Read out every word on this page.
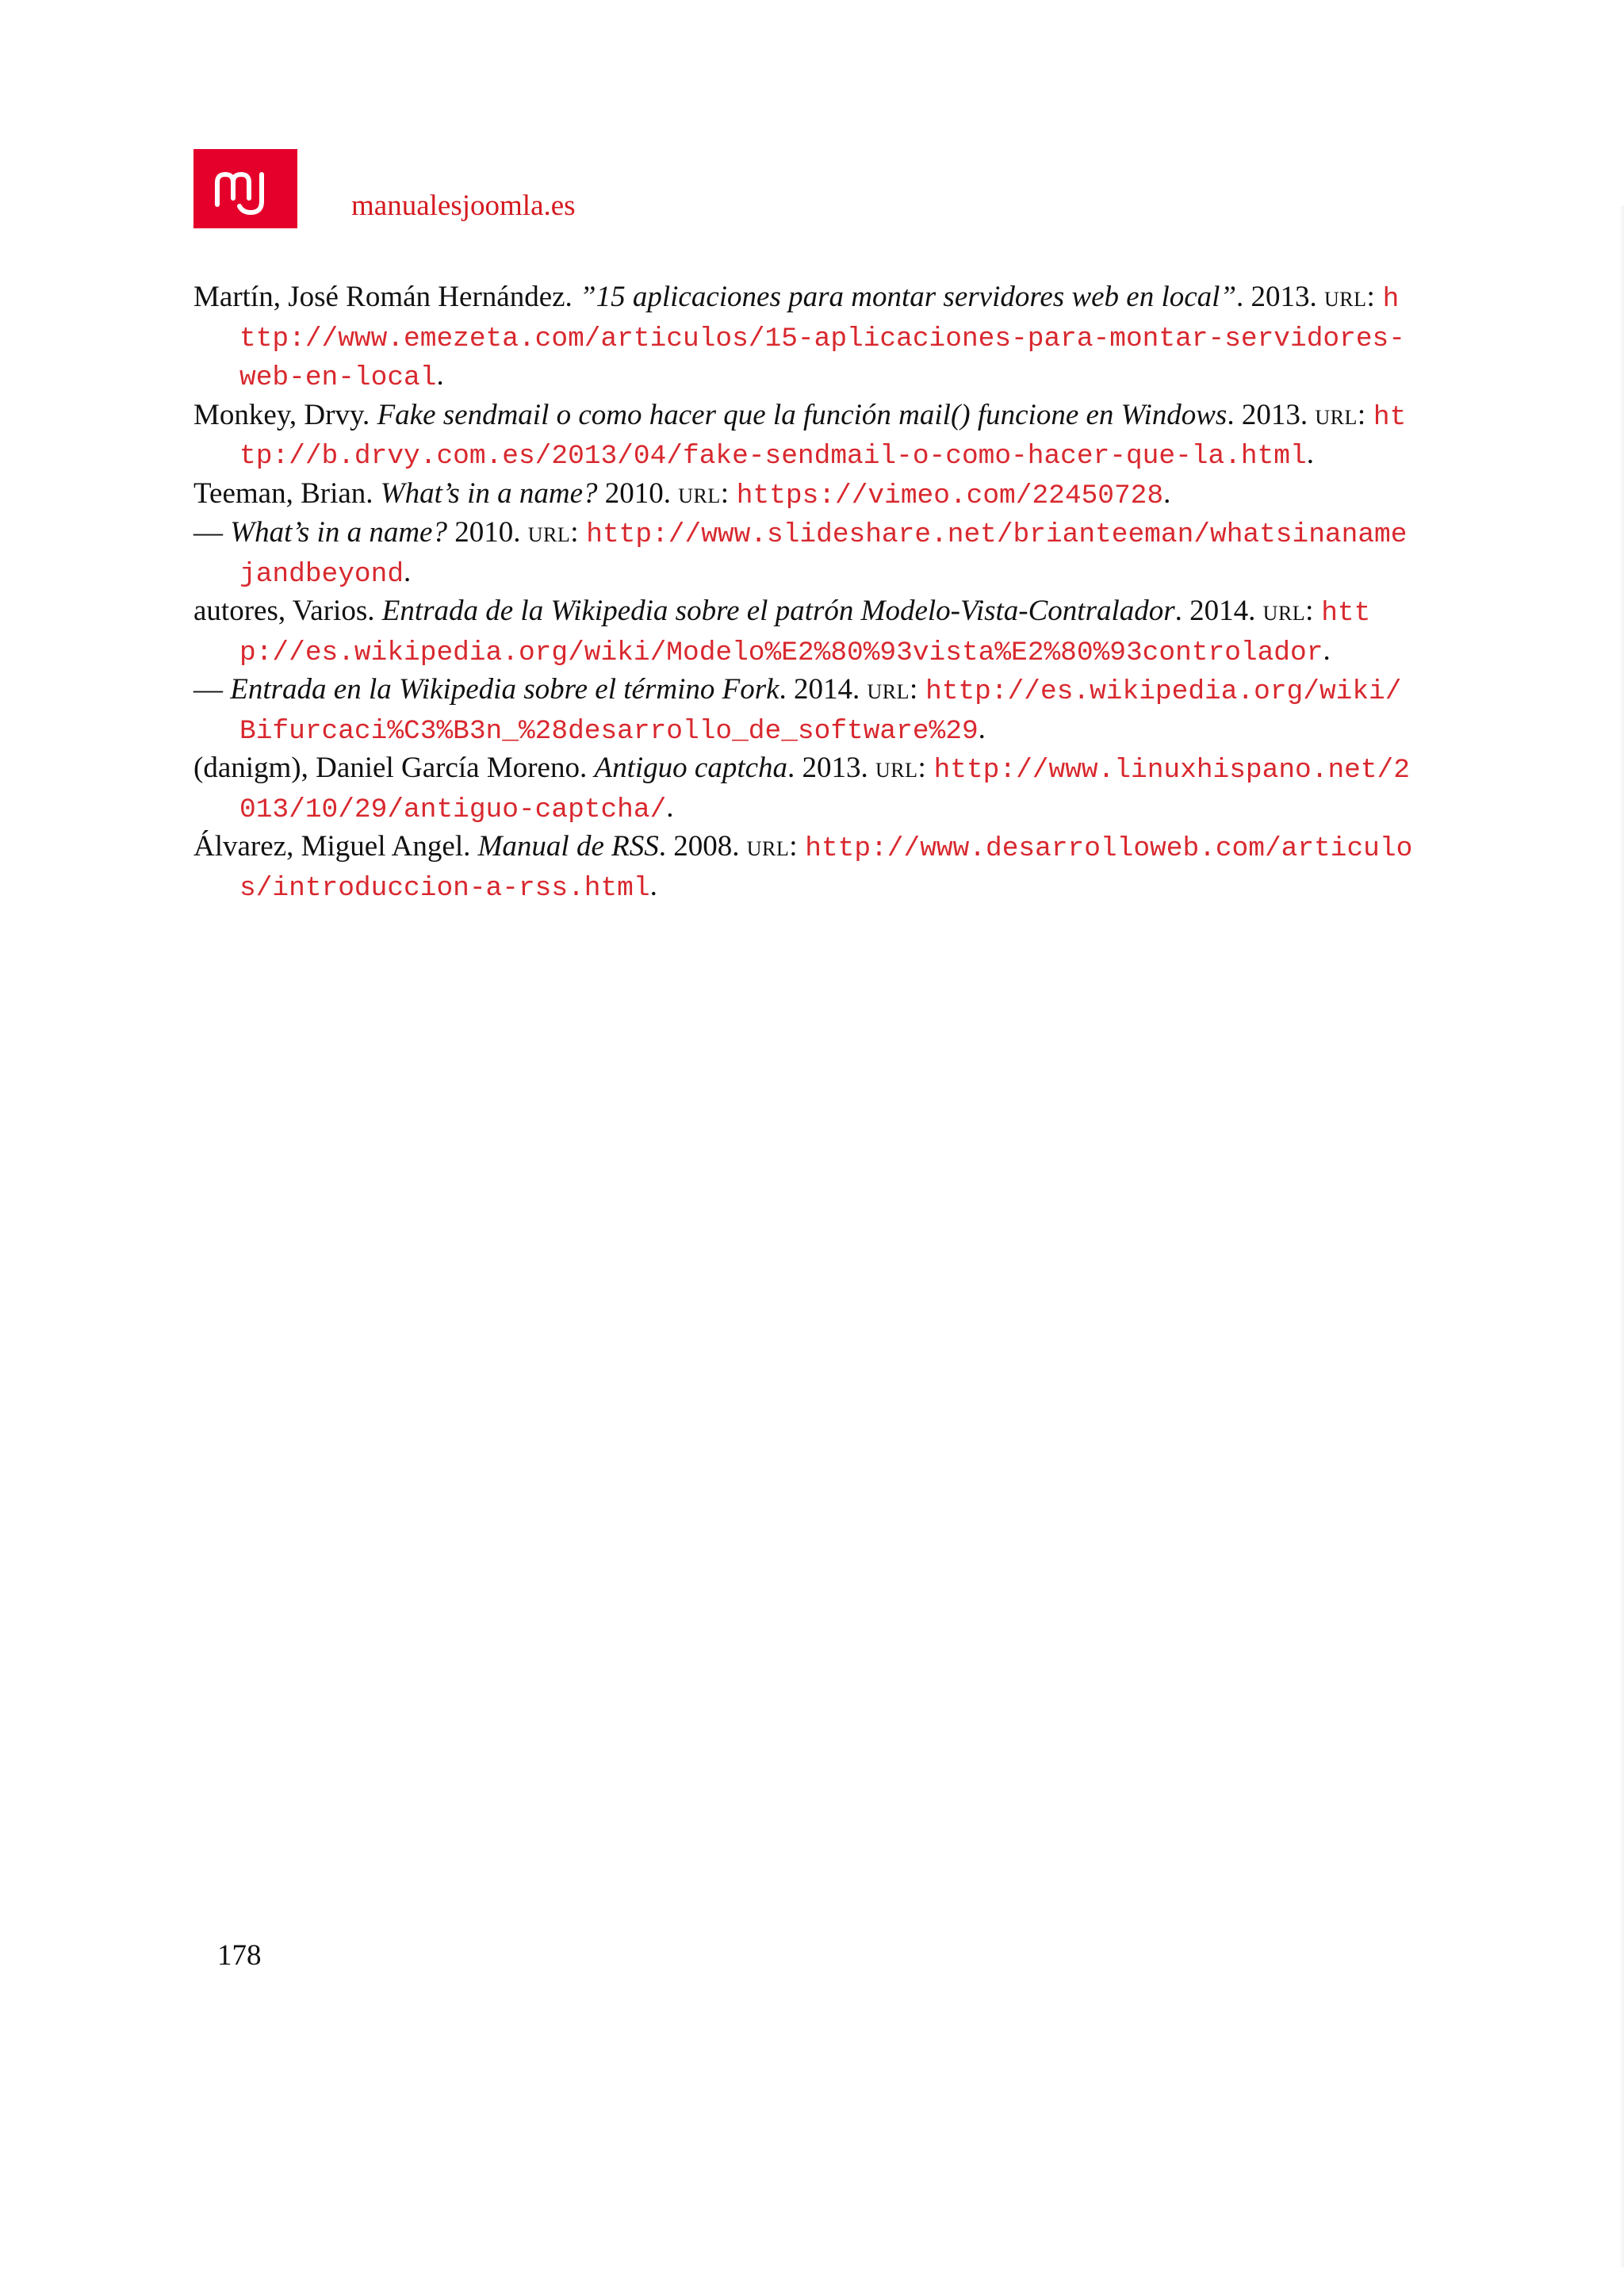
manualesjoomla.es
Martín, José Román Hernández. ”15 aplicaciones para montar servidores web en local”. 2013. url : http://www.emezeta.com/articulos/15-aplicaciones-para-montar-servidores-web-en-local.
Monkey, Drvy. Fake sendmail o como hacer que la función mail() funcione en Windows. 2013. url : http://b.drvy.com.es/2013/04/fake-sendmail-o-como-hacer-que-la.html.
Teeman, Brian. What’s in a name? 2010. url : https://vimeo.com/22450728.
— What’s in a name? 2010. url : http://www.slideshare.net/brianteeman/whatsinanamejandbeyond.
autores, Varios. Entrada de la Wikipedia sobre el patrón Modelo-Vista-Contralador. 2014. url : http://es.wikipedia.org/wiki/Modelo%E2%80%93vista%E2%80%93controlador.
— Entrada en la Wikipedia sobre el término Fork. 2014. url : http://es.wikipedia.org/wiki/Bifurcaci%C3%B3n_%28desarrollo_de_software%29.
(danigm), Daniel García Moreno. Antiguo captcha. 2013. url : http://www.linuxhispano.net/2013/10/29/antiguo-captcha/.
Álvarez, Miguel Angel. Manual de RSS. 2008. url : http://www.desarrolloweb.com/articulos/introduccion-a-rss.html.
178
